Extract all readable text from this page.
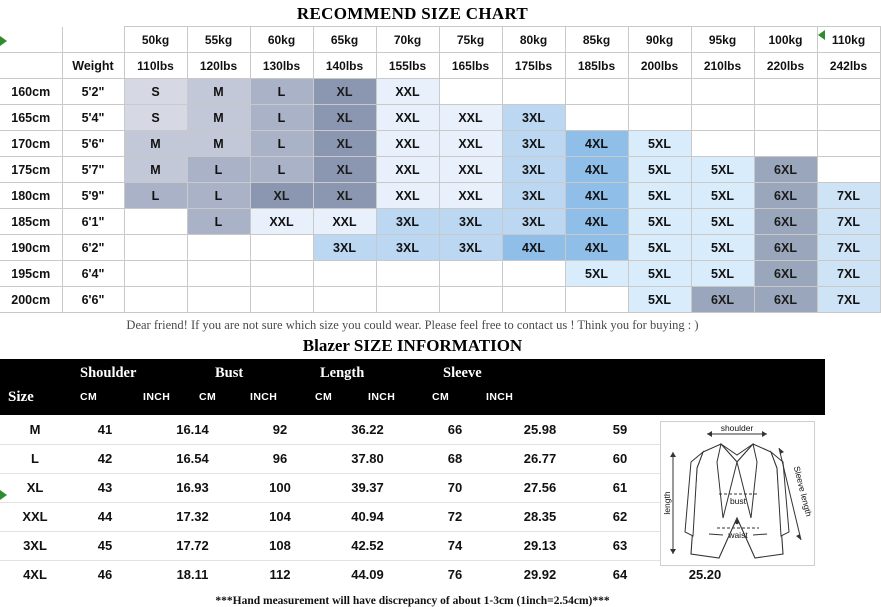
RECOMMEND SIZE CHART
		50kg	55kg	60kg	65kg	70kg	75kg	80kg	85kg	90kg	95kg	100kg	110kg
	Weight	110lbs	120lbs	130lbs	140lbs	155lbs	165lbs	175lbs	185lbs	200lbs	210lbs	220lbs	242lbs
160cm	5'2"	S	M	L	XL	XXL							
165cm	5'4"	S	M	L	XL	XXL	XXL	3XL					
170cm	5'6"	M	M	L	XL	XXL	XXL	3XL	4XL	5XL			
175cm	5'7"	M	L	L	XL	XXL	XXL	3XL	4XL	5XL	5XL	6XL	
180cm	5'9"	L	L	XL	XL	XXL	XXL	3XL	4XL	5XL	5XL	6XL	7XL
185cm	6'1"		L	XXL	XXL	3XL	3XL	3XL	4XL	5XL	5XL	6XL	7XL
190cm	6'2"				3XL	3XL	3XL	4XL	4XL	5XL	5XL	6XL	7XL
195cm	6'4"								5XL	5XL	5XL	6XL	7XL
200cm	6'6"									5XL	6XL	6XL	7XL
Dear friend! If you are not sure which size you could wear. Please feel free to contact us ! Think you for buying : )
Blazer SIZE INFORMATION
Size
Shoulder	Bust	Length	Sleeve
CM	INCH	CM	INCH	CM	INCH	CM	INCH
M	41	16.14	92	36.22	66	25.98	59	
L	42	16.54	96	37.80	68	26.77	60	
XL	43	16.93	100	39.37	70	27.56	61	
XXL	44	17.32	104	40.94	72	28.35	62	
3XL	45	17.72	108	42.52	74	29.13	63	
4XL	46	18.11	112	44.09	76	29.92	64	25.20
shoulder
bust
waist
length	Sleeve length
***Hand measurement will have discrepancy of about 1-3cm (1inch=2.54cm)***
